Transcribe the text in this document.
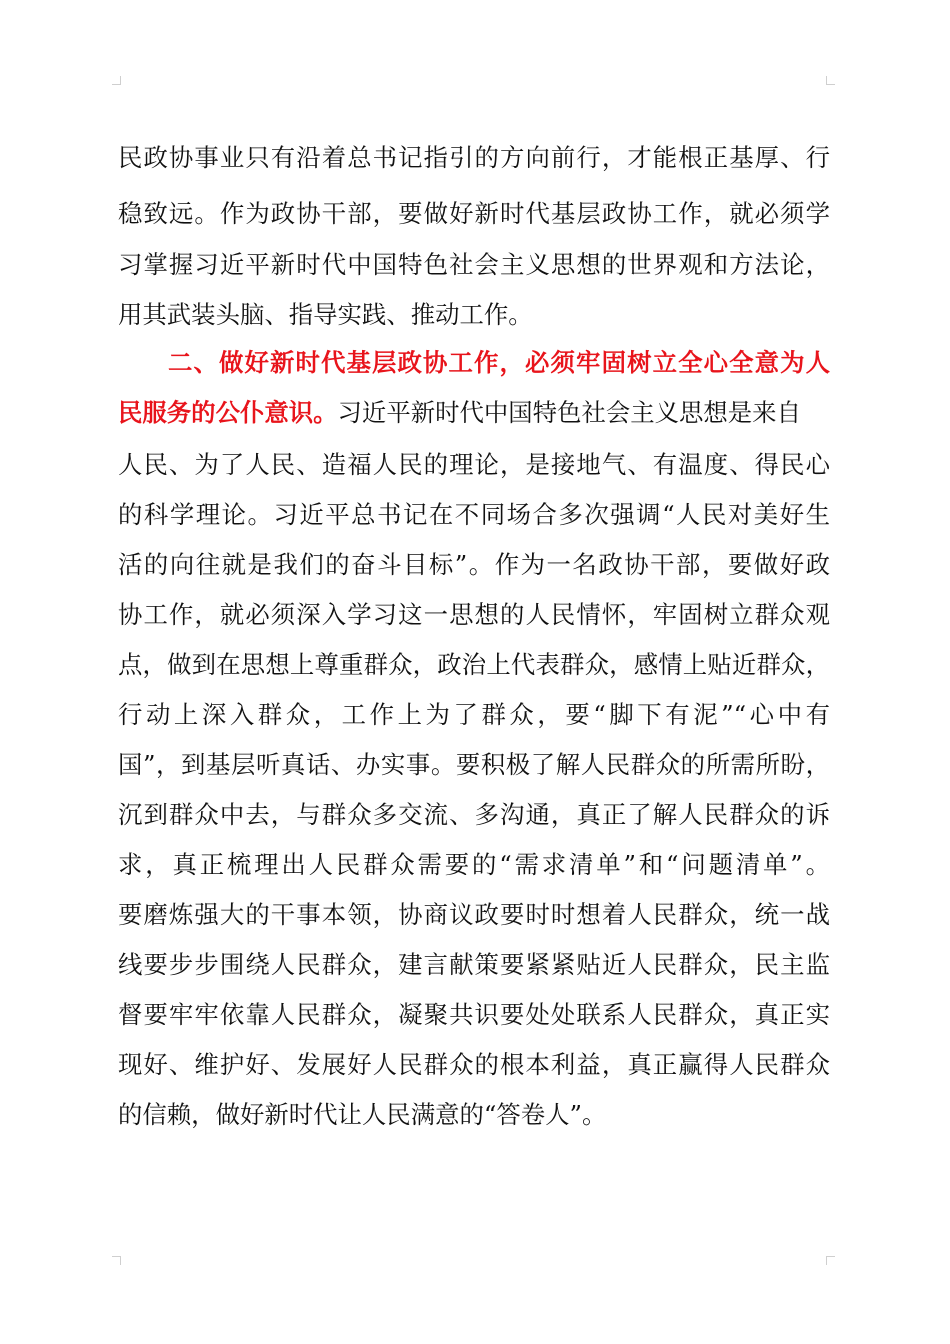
民政协事业只有沿着总书记指引的方向前行，才能根正基厚、行
稳致远。作为政协干部，要做好新时代基层政协工作，就必须学
习掌握习近平新时代中国特色社会主义思想的世界观和方法论，
用其武装头脑、指导实践、推动工作。
二、做好新时代基层政协工作，必须牢固树立全心全意为人
民服务的公仆意识。习近平新时代中国特色社会主义思想是来自
人民、为了人民、造福人民的理论，是接地气、有温度、得民心
的科学理论。习近平总书记在不同场合多次强调“人民对美好生
活的向往就是我们的奋斗目标”。作为一名政协干部，要做好政
协工作，就必须深入学习这一思想的人民情怀，牢固树立群众观
点，做到在思想上尊重群众，政治上代表群众，感情上贴近群众，
行动上深入群众，工作上为了群众，要“脚下有泥”“心中有
国”，到基层听真话、办实事。要积极了解人民群众的所需所盼，
沉到群众中去，与群众多交流、多沟通，真正了解人民群众的诉
求，真正梳理出人民群众需要的“需求清单”和“问题清单”。
要磨炼强大的干事本领，协商议政要时时想着人民群众，统一战
线要步步围绕人民群众，建言献策要紧紧贴近人民群众，民主监
督要牢牢依靠人民群众，凝聚共识要处处联系人民群众，真正实
现好、维护好、发展好人民群众的根本利益，真正赢得人民群众
的信赖，做好新时代让人民满意的“答卷人”。
